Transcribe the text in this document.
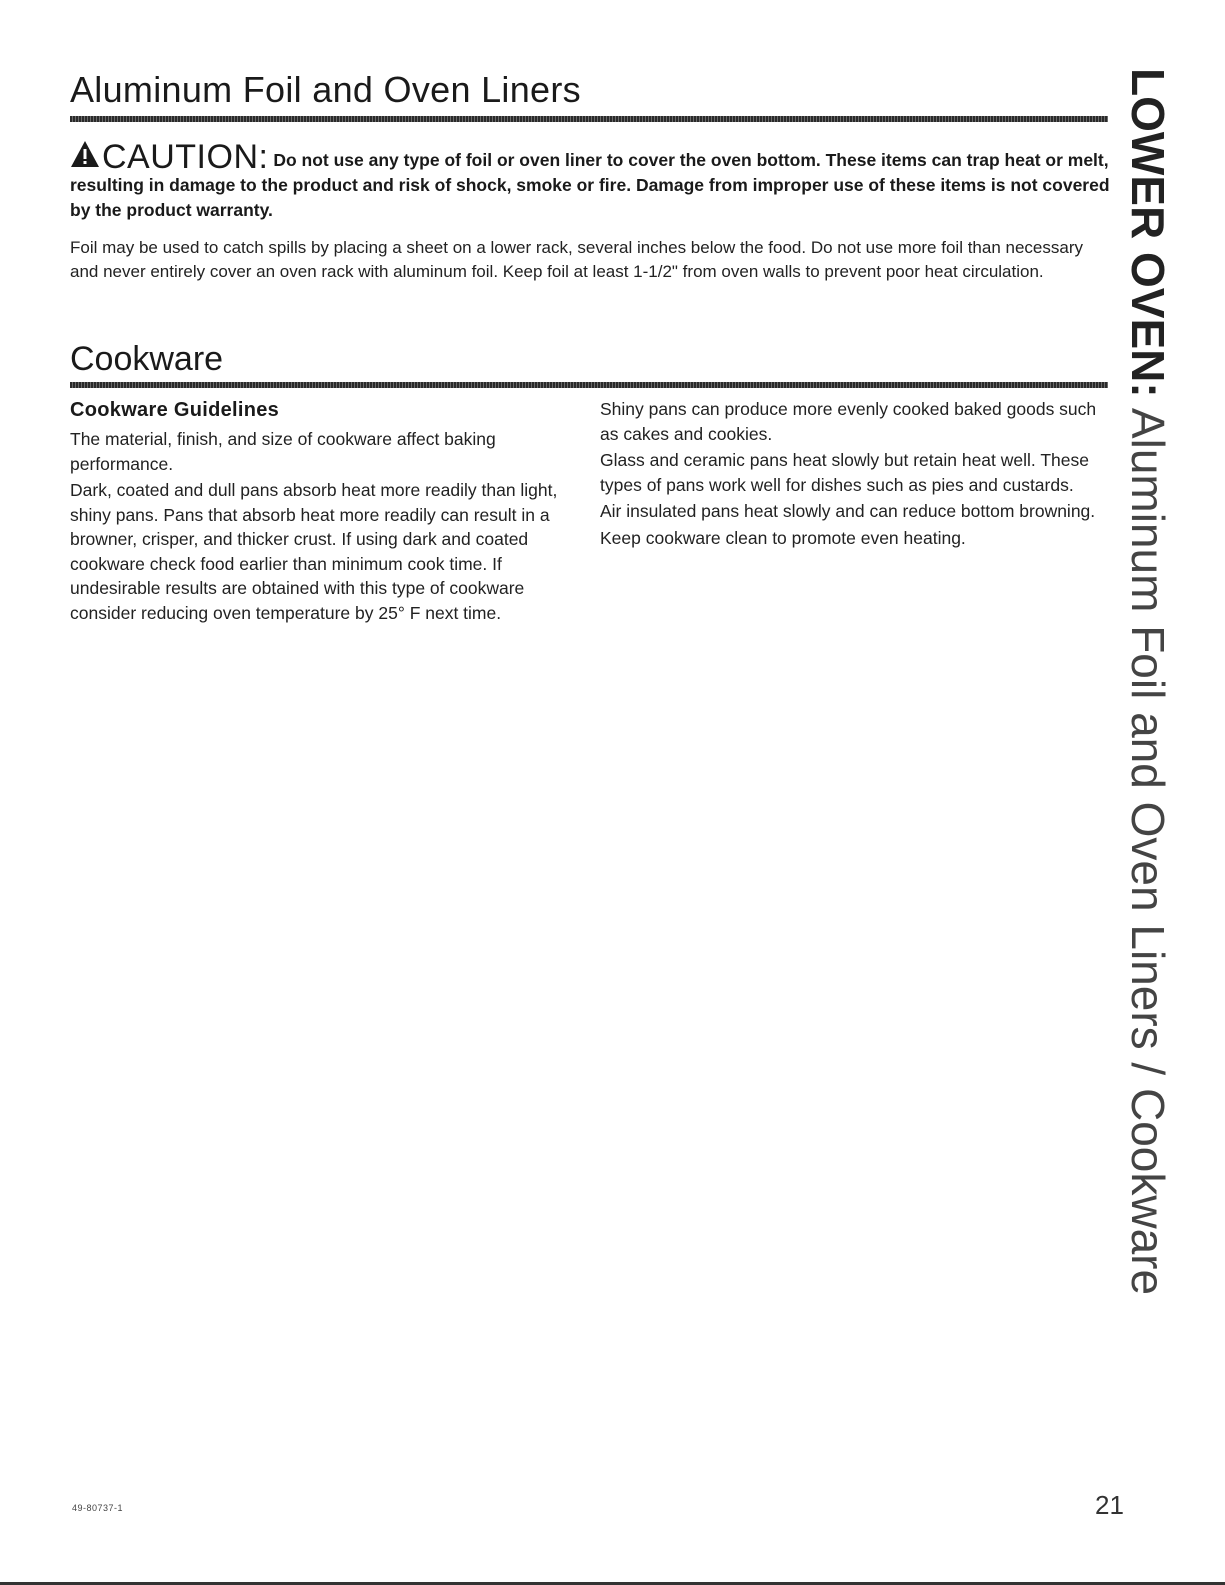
Aluminum Foil and Oven Liners

CAUTION: Do not use any type of foil or oven liner to cover the oven bottom. These items can trap heat or melt, resulting in damage to the product and risk of shock, smoke or fire. Damage from improper use of these items is not covered by the product warranty.

Foil may be used to catch spills by placing a sheet on a lower rack, several inches below the food. Do not use more foil than necessary and never entirely cover an oven rack with aluminum foil. Keep foil at least 1-1/2" from oven walls to prevent poor heat circulation.

Cookware
Cookware Guidelines

The material, finish, and size of cookware affect baking performance.

Dark, coated and dull pans absorb heat more readily than light, shiny pans. Pans that absorb heat more readily can result in a browner, crisper, and thicker crust. If using dark and coated cookware check food earlier than minimum cook time. If undesirable results are obtained with this type of cookware consider reducing oven temperature by 25° F next time.

Shiny pans can produce more evenly cooked baked goods such as cakes and cookies.

Glass and ceramic pans heat slowly but retain heat well. These types of pans work well for dishes such as pies and custards.

Air insulated pans heat slowly and can reduce bottom browning.

Keep cookware clean to promote even heating.

LOWER OVEN: Aluminum Foil and Oven Liners / Cookware
49-80737-1	21
